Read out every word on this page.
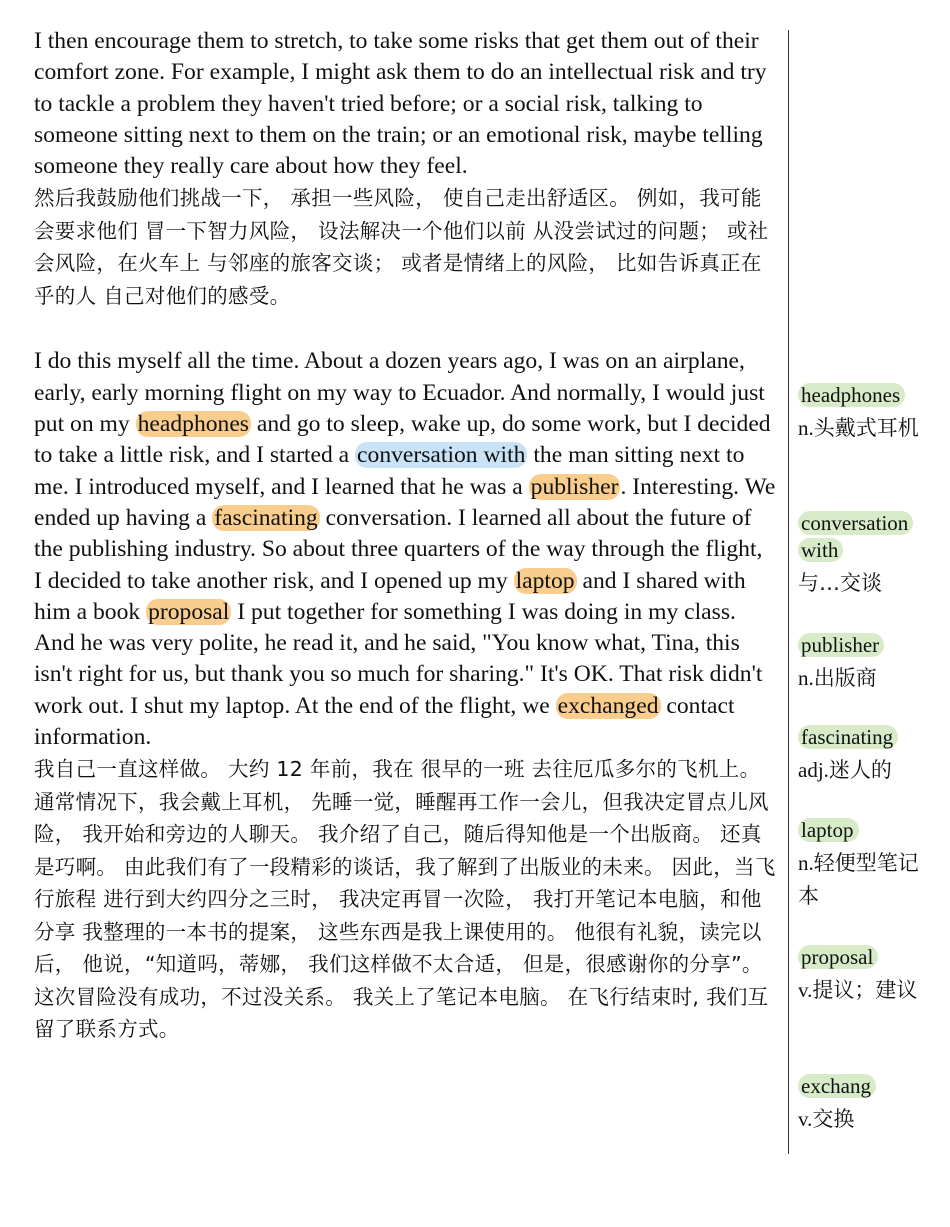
I then encourage them to stretch, to take some risks that get them out of their comfort zone. For example, I might ask them to do an intellectual risk and try to tackle a problem they haven't tried before; or a social risk, talking to someone sitting next to them on the train; or an emotional risk, maybe telling someone they really care about how they feel.

然后我鼓励他们挑战一下， 承担一些风险， 使自己走出舒适区。 例如，我可能会要求他们 冒一下智力风险， 设法解决一个他们以前 从没尝试过的问题； 或社会风险，在火车上 与邻座的旅客交谈； 或者是情绪上的风险， 比如告诉真正在乎的人 自己对他们的感受。

I do this myself all the time. About a dozen years ago, I was on an airplane, early, early morning flight on my way to Ecuador. And normally, I would just put on my headphones and go to sleep, wake up, do some work, but I decided to take a little risk, and I started a conversation with the man sitting next to me. I introduced myself, and I learned that he was a publisher. Interesting. We ended up having a fascinating conversation. I learned all about the future of the publishing industry. So about three quarters of the way through the flight, I decided to take another risk, and I opened up my laptop and I shared with him a book proposal I put together for something I was doing in my class. And he was very polite, he read it, and he said, "You know what, Tina, this isn't right for us, but thank you so much for sharing." It's OK. That risk didn't work out. I shut my laptop. At the end of the flight, we exchanged contact information.

我自己一直这样做。 大约 12 年前，我在 很早的一班 去往厄瓜多尔的飞机上。 通常情况下，我会戴上耳机， 先睡一觉，睡醒再工作一会儿，但我决定冒点儿风险， 我开始和旁边的人聊天。 我介绍了自己，随后得知他是一个出版商。 还真是巧啊。 由此我们有了一段精彩的谈话，我了解到了出版业的未来。 因此，当飞行旅程 进行到大约四分之三时， 我决定再冒一次险， 我打开笔记本电脑，和他分享 我整理的一本书的提案， 这些东西是我上课使用的。 他很有礼貌，读完以后， 他说，“知道吗，蒂娜， 我们这样做不太合适， 但是，很感谢你的分享”。 这次冒险没有成功，不过没关系。 我关上了笔记本电脑。 在飞行结束时, 我们互留了联系方式。

headphones
n.头戴式耳机
conversation with
与…交谈
publisher
n.出版商
fascinating
adj.迷人的
laptop
n.轻便型笔记本
proposal
v.提议；建议
exchang
v.交换
